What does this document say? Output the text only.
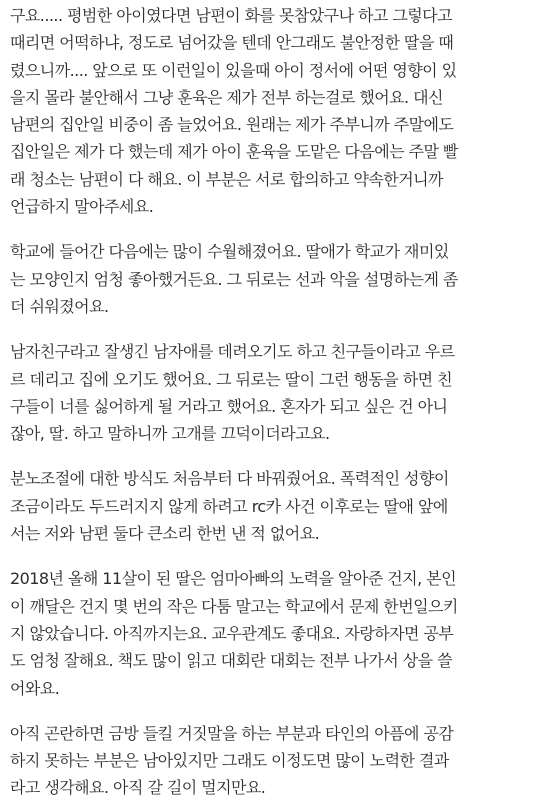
구요..... 평범한 아이였다면 남편이 화를 못참았구나 하고 그렇다고
때리면 어떡하냐, 정도로 넘어갔을 텐데 안그래도 불안정한 딸을 때
렸으니까.... 앞으로 또 이런일이 있을때 아이 정서에 어떤 영향이 있
을지 몰라 불안해서 그냥 훈육은 제가 전부 하는걸로 했어요. 대신
남편의 집안일 비중이 좀 늘었어요. 원래는 제가 주부니까 주말에도
집안일은 제가 다 했는데 제가 아이 훈육을 도맡은 다음에는 주말 빨
래 청소는 남편이 다 해요. 이 부분은 서로 합의하고 약속한거니까
언급하지 말아주세요.
학교에 들어간 다음에는 많이 수월해졌어요. 딸애가 학교가 재미있
는 모양인지 엄청 좋아했거든요. 그 뒤로는 선과 악을 설명하는게 좀
더 쉬워졌어요.
남자친구라고 잘생긴 남자애를 데려오기도 하고 친구들이라고 우르
르 데리고 집에 오기도 했어요. 그 뒤로는 딸이 그런 행동을 하면 친
구들이 너를 싫어하게 될 거라고 했어요. 혼자가 되고 싶은 건 아니
잖아, 딸. 하고 말하니까 고개를 끄덕이더라고요.
분노조절에 대한 방식도 처음부터 다 바꿔줬어요. 폭력적인 성향이
조금이라도 두드러지지 않게 하려고 rc카 사건 이후로는 딸애 앞에
서는 저와 남편 둘다 큰소리 한번 낸 적 없어요.
2018년 올해 11살이 된 딸은 엄마아빠의 노력을 알아준 건지, 본인
이 깨달은 건지 몇 번의 작은 다툼 말고는 학교에서 문제 한번일으키
지 않았습니다. 아직까지는요. 교우관계도 좋대요. 자랑하자면 공부
도 엄청 잘해요. 책도 많이 읽고 대회란 대회는 전부 나가서 상을 쓸
어와요.
아직 곤란하면 금방 들킬 거짓말을 하는 부분과 타인의 아픔에 공감
하지 못하는 부분은 남아있지만 그래도 이정도면 많이 노력한 결과
라고 생각해요. 아직 갈 길이 멀지만요.
